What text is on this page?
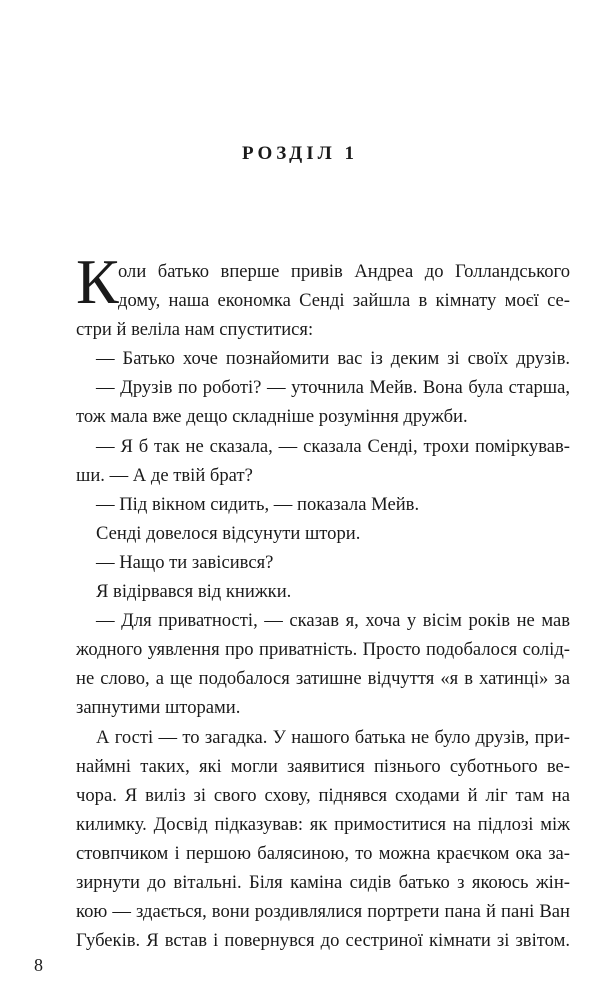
РОЗДІЛ 1
К оли батько вперше привів Андреа до Голландського
дому, наша економка Сенді зайшла в кімнату моєї се-
стри й веліла нам спуститися:
— Батько хоче познайомити вас із деким зі своїх друзів.
— Друзів по роботі? — уточнила Мейв. Вона була старша,
тож мала вже дещо складніше розуміння дружби.
— Я б так не сказала, — сказала Сенді, трохи поміркував-
ши. — А де твій брат?
— Під вікном сидить, — показала Мейв.
Сенді довелося відсунути штори.
— Нащо ти завісився?
Я відірвався від книжки.
— Для приватності, — сказав я, хоча у вісім років не мав
жодного уявлення про приватність. Просто подобалося солід-
не слово, а ще подобалося затишне відчуття «я в хатинці» за
запнутими шторами.
А гості — то загадка. У нашого батька не було друзів, при-
наймні таких, які могли заявитися пізнього суботнього ве-
чора. Я виліз зі свого схову, піднявся сходами й ліг там на
килимку. Досвід підказував: як примоститися на підлозі між
стовпчиком і першою балясиною, то можна краєчком ока за-
зирнути до вітальні. Біля каміна сидів батько з якоюсь жін-
кою — здається, вони роздивлялися портрети пана й пані Ван
Губеків. Я встав і повернувся до сестриної кімнати зі звітом.
8
